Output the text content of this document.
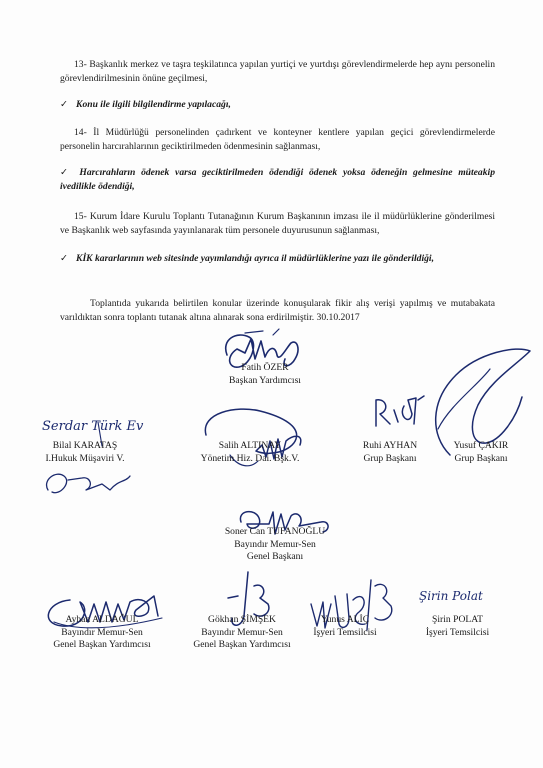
13- Başkanlık merkez ve taşra teşkilatınca yapılan yurtiçi ve yurtdışı görevlendirmelerde hep aynı personelin görevlendirilmesinin önüne geçilmesi,
✓ Konu ile ilgili bilgilendirme yapılacağı,
14- İl Müdürlüğü personelinden çadırkent ve konteyner kentlere yapılan geçici görevlendirmelerde personelin harcırahlarının geciktirilmeden ödenmesinin sağlanması,
✓ Harcırahların ödenek varsa geciktirilmeden ödendiği ödenek yoksa ödeneğin gelmesine müteakip ivedilikle ödendiği,
15- Kurum İdare Kurulu Toplantı Tutanağının Kurum Başkanının imzası ile il müdürlüklerine gönderilmesi ve Başkanlık web sayfasında yayınlanarak tüm personele duyurusunun sağlanması,
✓ KİK kararlarının web sitesinde yayımlandığı ayrıca il müdürlüklerine yazı ile gönderildiği,
Toplantıda yukarıda belirtilen konular üzerinde konuşularak fikir alış verişi yapılmış ve mutabakata varıldıktan sonra toplantı tutanak altına alınarak sona erdirilmiştir. 30.10.2017
Serdar Türk Ev
Şirin Polat
Fatih ÖZER
Başkan Yardımcısı
Bilal KARATAŞ
I.Hukuk Müşaviri V.
Salih ALTINAY
Yönetim Hiz. Dai. Bşk.V.
Ruhi AYHAN
Grup Başkanı
Yusuf ÇAKIR
Grup Başkanı
Soner Can TUFANOĞLU
Bayındır Memur-Sen
Genel Başkanı
Ayhan ALDAĞUL
Bayındır Memur-Sen
Genel Başkan Yardımcısı
Gökhan ŞİMŞEK
Bayındır Memur-Sen
Genel Başkan Yardımcısı
Yunus ALİÇ
İşyeri Temsilcisi
Şirin POLAT
İşyeri Temsilcisi
